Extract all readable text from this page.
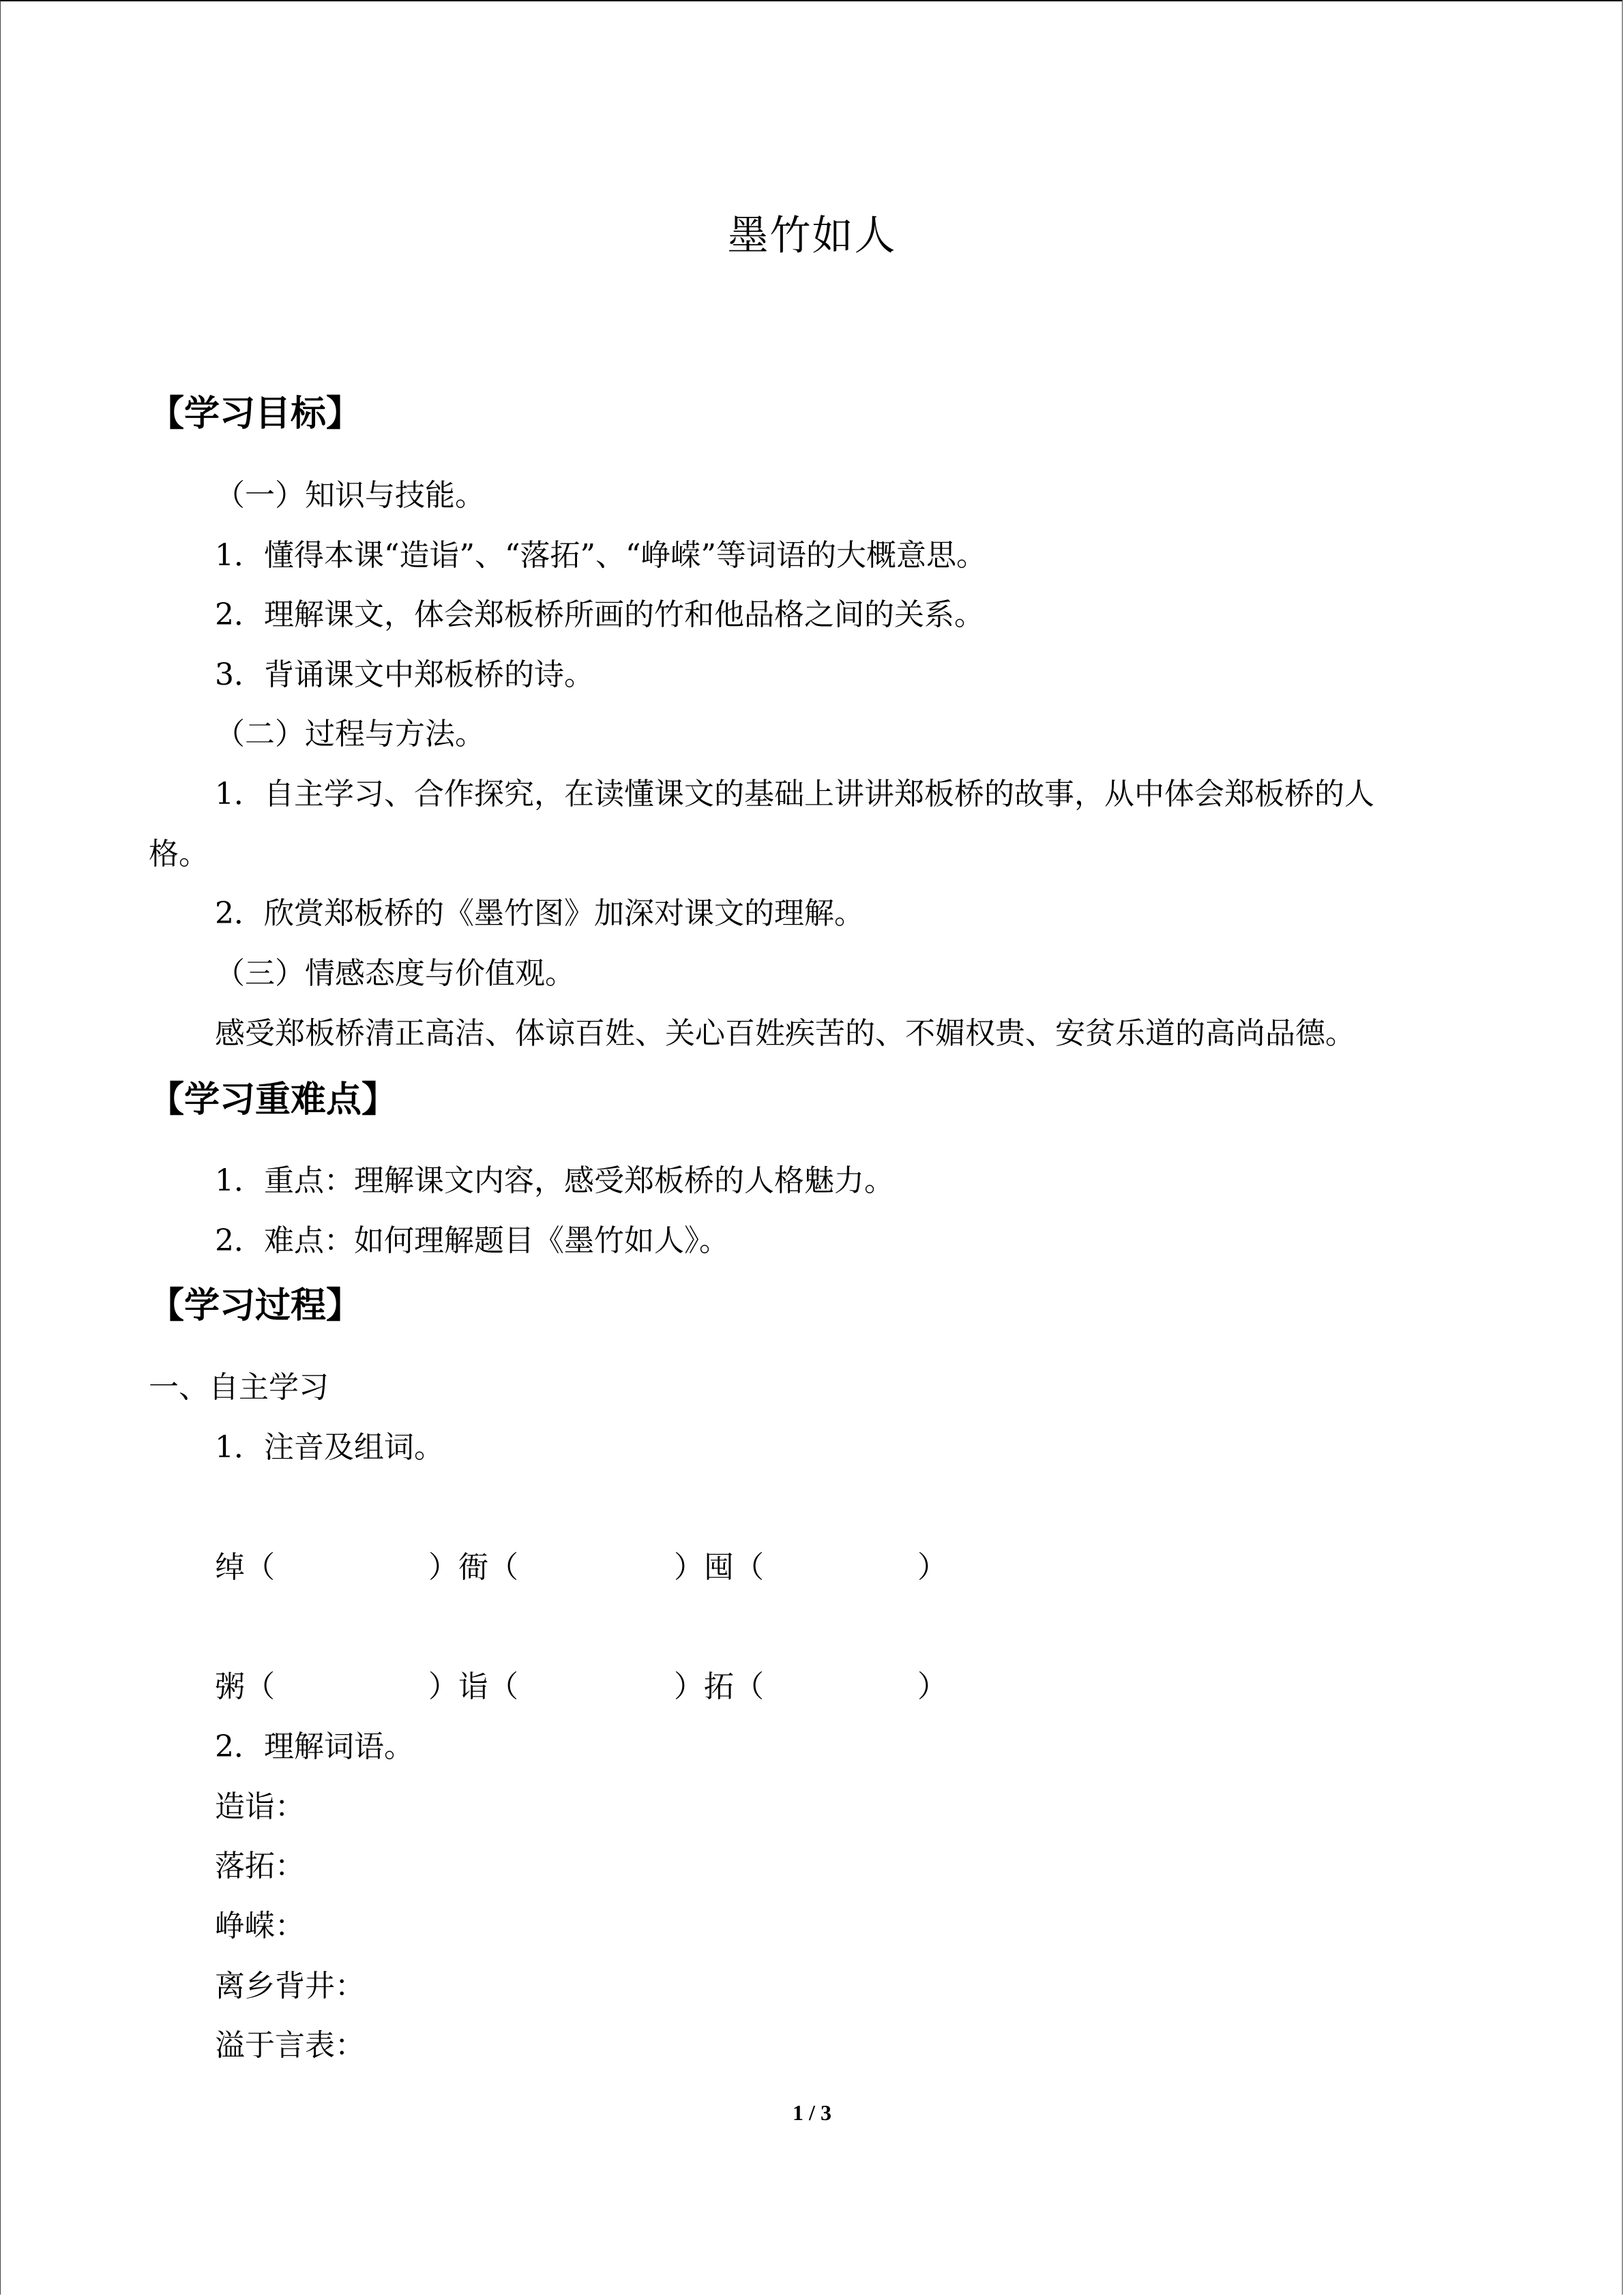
墨竹如人
【学习目标】
（一）知识与技能。
1．懂得本课“造诣”、“落拓”、“峥嵘”等词语的大概意思。
2．理解课文，体会郑板桥所画的竹和他品格之间的关系。
3．背诵课文中郑板桥的诗。
（二）过程与方法。
1．自主学习、合作探究，在读懂课文的基础上讲讲郑板桥的故事，从中体会郑板桥的人
格。
2．欣赏郑板桥的《墨竹图》加深对课文的理解。
（三）情感态度与价值观。
感受郑板桥清正高洁、体谅百姓、关心百姓疾苦的、不媚权贵、安贫乐道的高尚品德。
【学习重难点】
1．重点：理解课文内容，感受郑板桥的人格魅力。
2．难点：如何理解题目《墨竹如人》。
【学习过程】
一、自主学习
1．注音及组词。
绰（	）衙（	）囤（	）
粥（	）诣（	）拓（	）
2．理解词语。
造诣：
落拓：
峥嵘：
离乡背井：
溢于言表：
1 / 3
